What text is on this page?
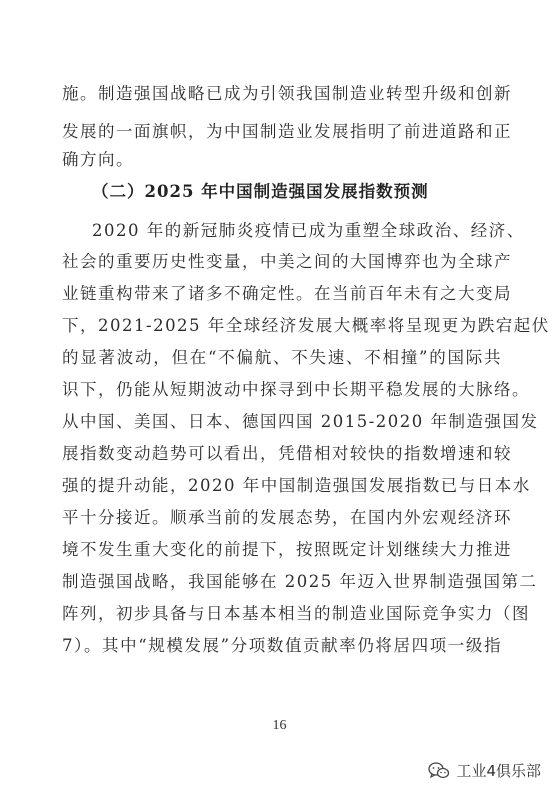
施。制造强国战略已成为引领我国制造业转型升级和创新
发展的一面旗帜，为中国制造业发展指明了前进道路和正
确方向。
（二）2025 年中国制造强国发展指数预测
2020 年的新冠肺炎疫情已成为重塑全球政治、经济、
社会的重要历史性变量，中美之间的大国博弈也为全球产
业链重构带来了诸多不确定性。在当前百年未有之大变局
下，2021-2025 年全球经济发展大概率将呈现更为跌宕起伏
的显著波动，但在“不偏航、不失速、不相撞”的国际共
识下，仍能从短期波动中探寻到中长期平稳发展的大脉络。
从中国、美国、日本、德国四国 2015-2020 年制造强国发
展指数变动趋势可以看出，凭借相对较快的指数增速和较
强的提升动能，2020 年中国制造强国发展指数已与日本水
平十分接近。顺承当前的发展态势，在国内外宏观经济环
境不发生重大变化的前提下，按照既定计划继续大力推进
制造强国战略，我国能够在 2025 年迈入世界制造强国第二
阵列，初步具备与日本基本相当的制造业国际竞争实力（图
7）。其中“规模发展”分项数值贡献率仍将居四项一级指
16
工业4俱乐部
